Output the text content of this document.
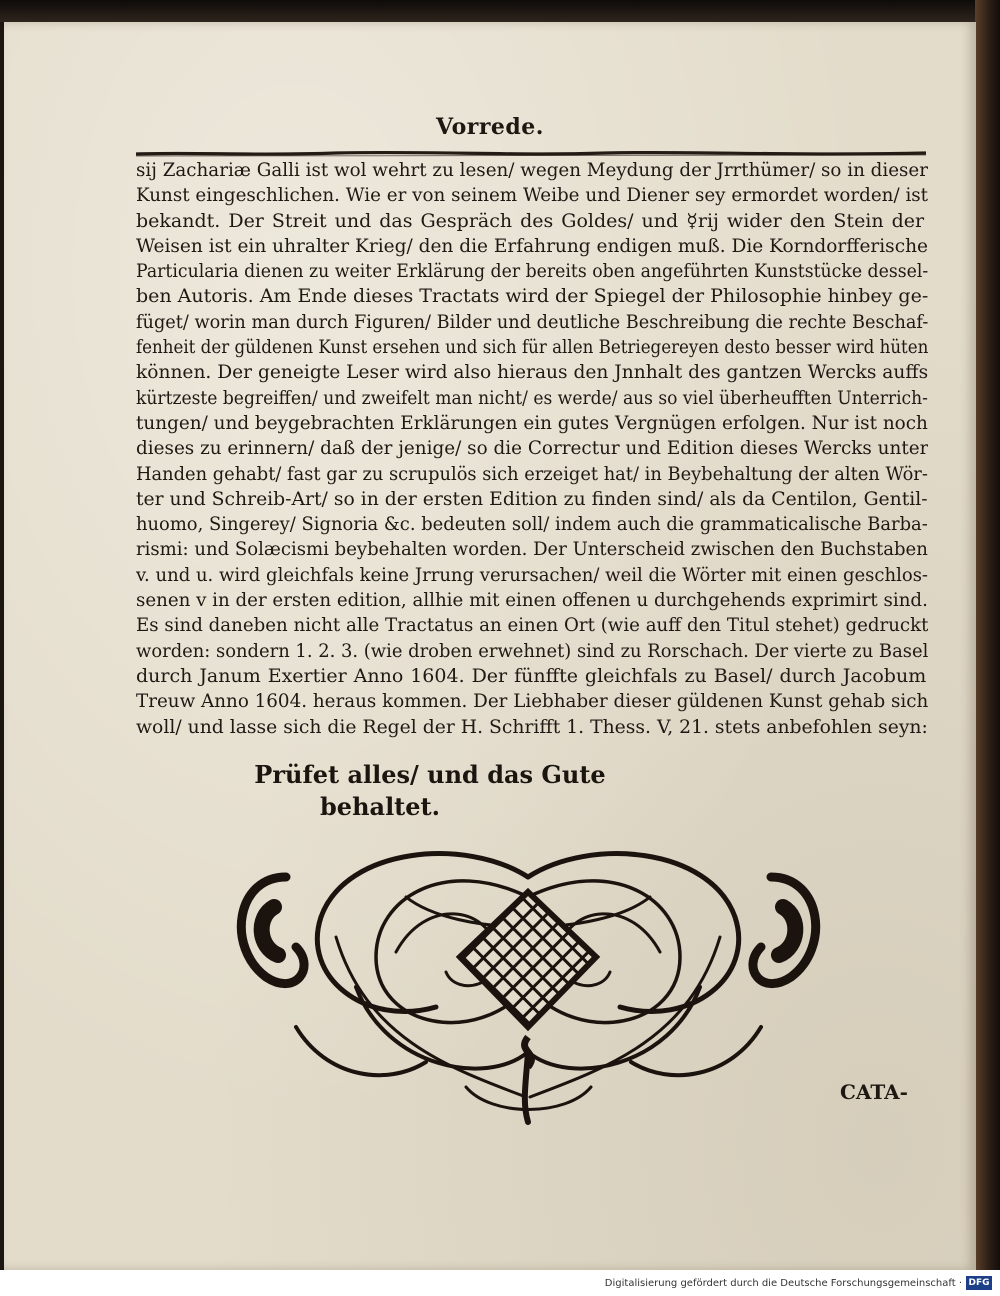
Vorrede.
sij Zachariæ Galli ist wol wehrt zu lesen/ wegen Meydung der Jrrthümer/ so in dieser
Kunst eingeschlichen. Wie er von seinem Weibe und Diener sey ermordet worden/ ist
bekandt. Der Streit und das Gespräch des Goldes/ und ☿rij wider den Stein der
Weisen ist ein uhralter Krieg/ den die Erfahrung endigen muß. Die Korndorfferische
Particularia dienen zu weiter Erklärung der bereits oben angeführten Kunststücke dessel-
ben Autoris. Am Ende dieses Tractats wird der Spiegel der Philosophie hinbey ge-
füget/ worin man durch Figuren/ Bilder und deutliche Beschreibung die rechte Beschaf-
fenheit der güldenen Kunst ersehen und sich für allen Betriegereyen desto besser wird hüten
können. Der geneigte Leser wird also hieraus den Jnnhalt des gantzen Wercks auffs
kürtzeste begreiffen/ und zweifelt man nicht/ es werde/ aus so viel überheufften Unterrich-
tungen/ und beygebrachten Erklärungen ein gutes Vergnügen erfolgen. Nur ist noch
dieses zu erinnern/ daß der jenige/ so die Correctur und Edition dieses Wercks unter
Handen gehabt/ fast gar zu scrupulös sich erzeiget hat/ in Beybehaltung der alten Wör-
ter und Schreib-Art/ so in der ersten Edition zu finden sind/ als da Centilon, Gentil-
huomo, Singerey/ Signoria &c. bedeuten soll/ indem auch die grammaticalische Barba-
rismi: und Solæcismi beybehalten worden. Der Unterscheid zwischen den Buchstaben
v. und u. wird gleichfals keine Jrrung verursachen/ weil die Wörter mit einen geschlos-
senen v in der ersten edition, allhie mit einen offenen u durchgehends exprimirt sind.
Es sind daneben nicht alle Tractatus an einen Ort (wie auff den Titul stehet) gedruckt
worden: sondern 1. 2. 3. (wie droben erwehnet) sind zu Rorschach. Der vierte zu Basel
durch Janum Exertier Anno 1604. Der fünffte gleichfals zu Basel/ durch Jacobum
Treuw Anno 1604. heraus kommen. Der Liebhaber dieser güldenen Kunst gehab sich
woll/ und lasse sich die Regel der H. Schrifft 1. Thess. V, 21. stets anbefohlen seyn:
Prüfet alles/ und das Gute
behaltet.
CATA-
Digitalisierung gefördert durch die Deutsche Forschungsgemeinschaft · DFG
